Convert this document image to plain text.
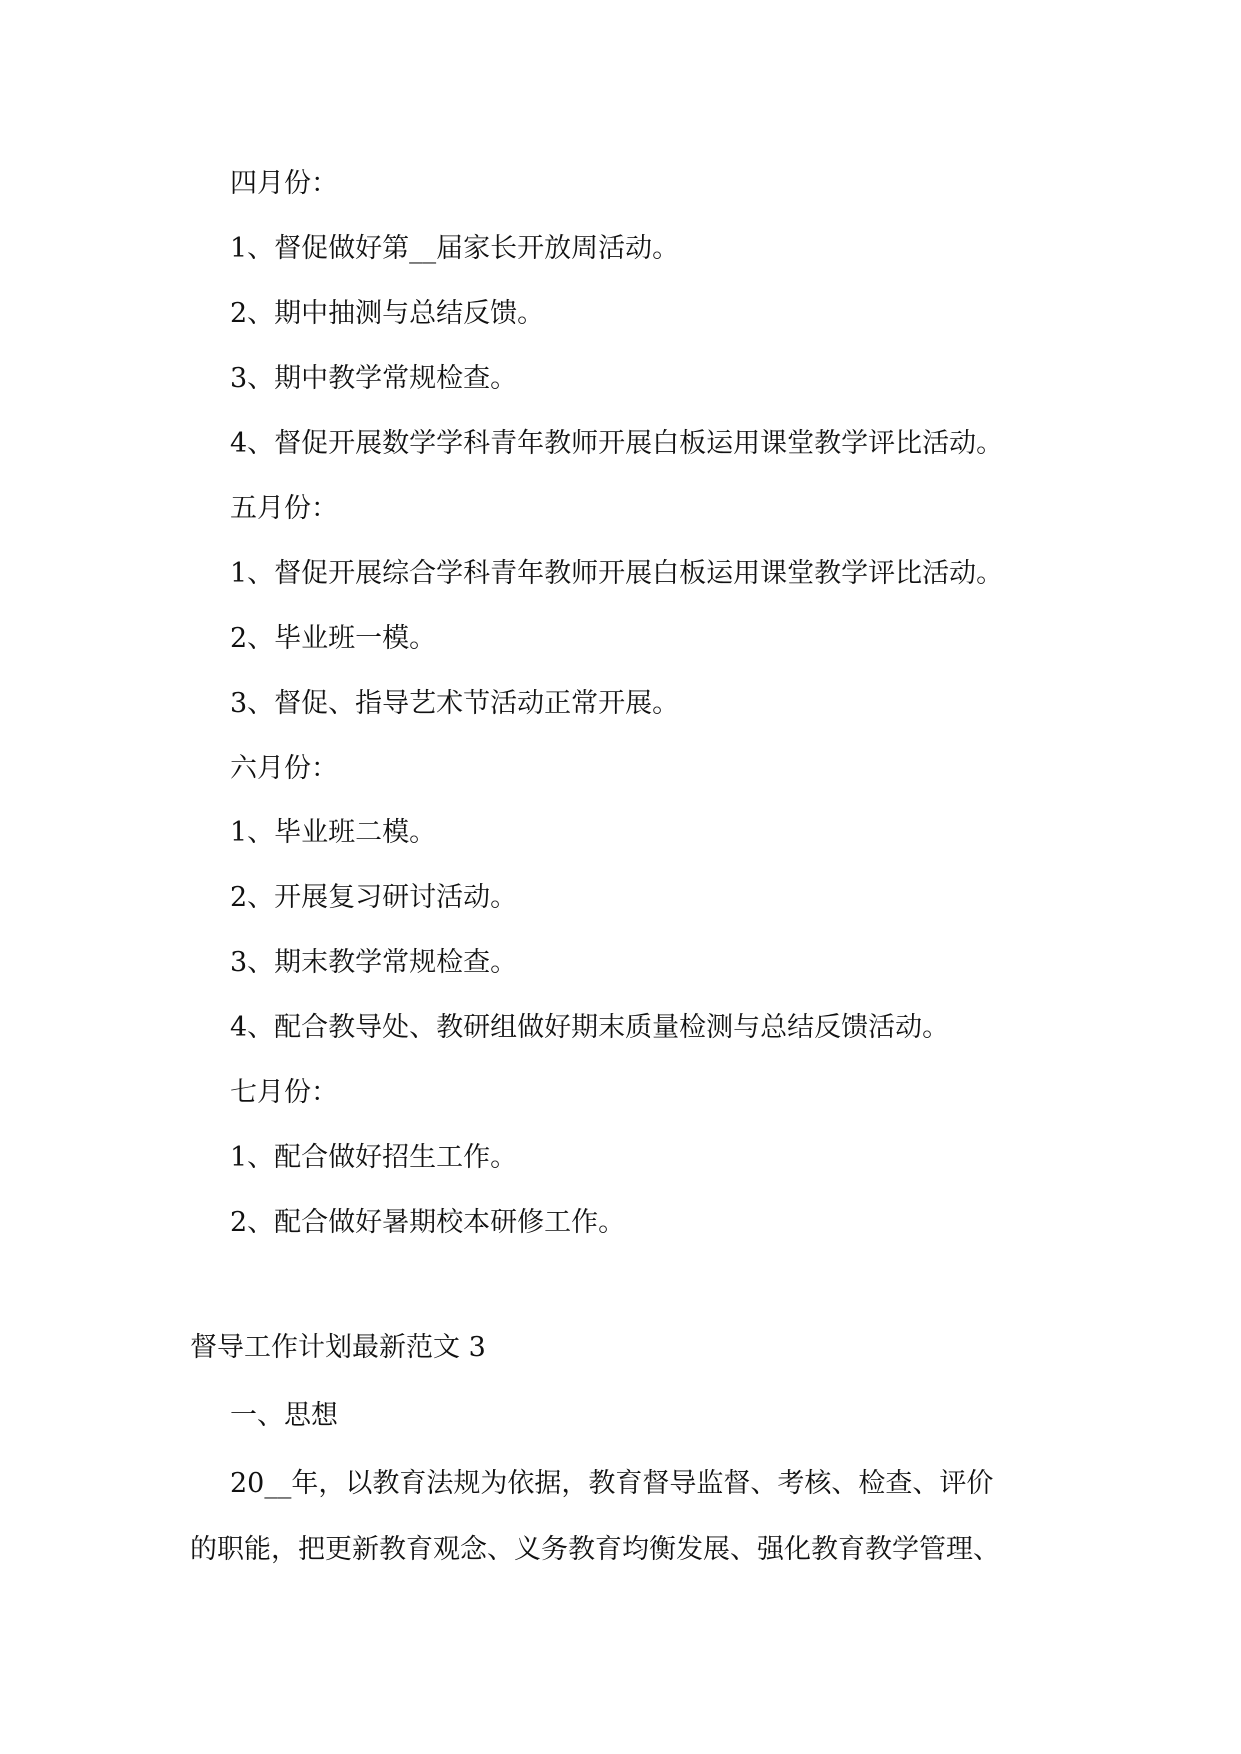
四月份：
1、督促做好第__届家长开放周活动。
2、期中抽测与总结反馈。
3、期中教学常规检查。
4、督促开展数学学科青年教师开展白板运用课堂教学评比活动。
五月份：
1、督促开展综合学科青年教师开展白板运用课堂教学评比活动。
2、毕业班一模。
3、督促、指导艺术节活动正常开展。
六月份：
1、毕业班二模。
2、开展复习研讨活动。
3、期末教学常规检查。
4、配合教导处、教研组做好期末质量检测与总结反馈活动。
七月份：
1、配合做好招生工作。
2、配合做好暑期校本研修工作。
督导工作计划最新范文 3
一、思想
20__年，以教育法规为依据，教育督导监督、考核、检查、评价
的职能，把更新教育观念、义务教育均衡发展、强化教育教学管理、
